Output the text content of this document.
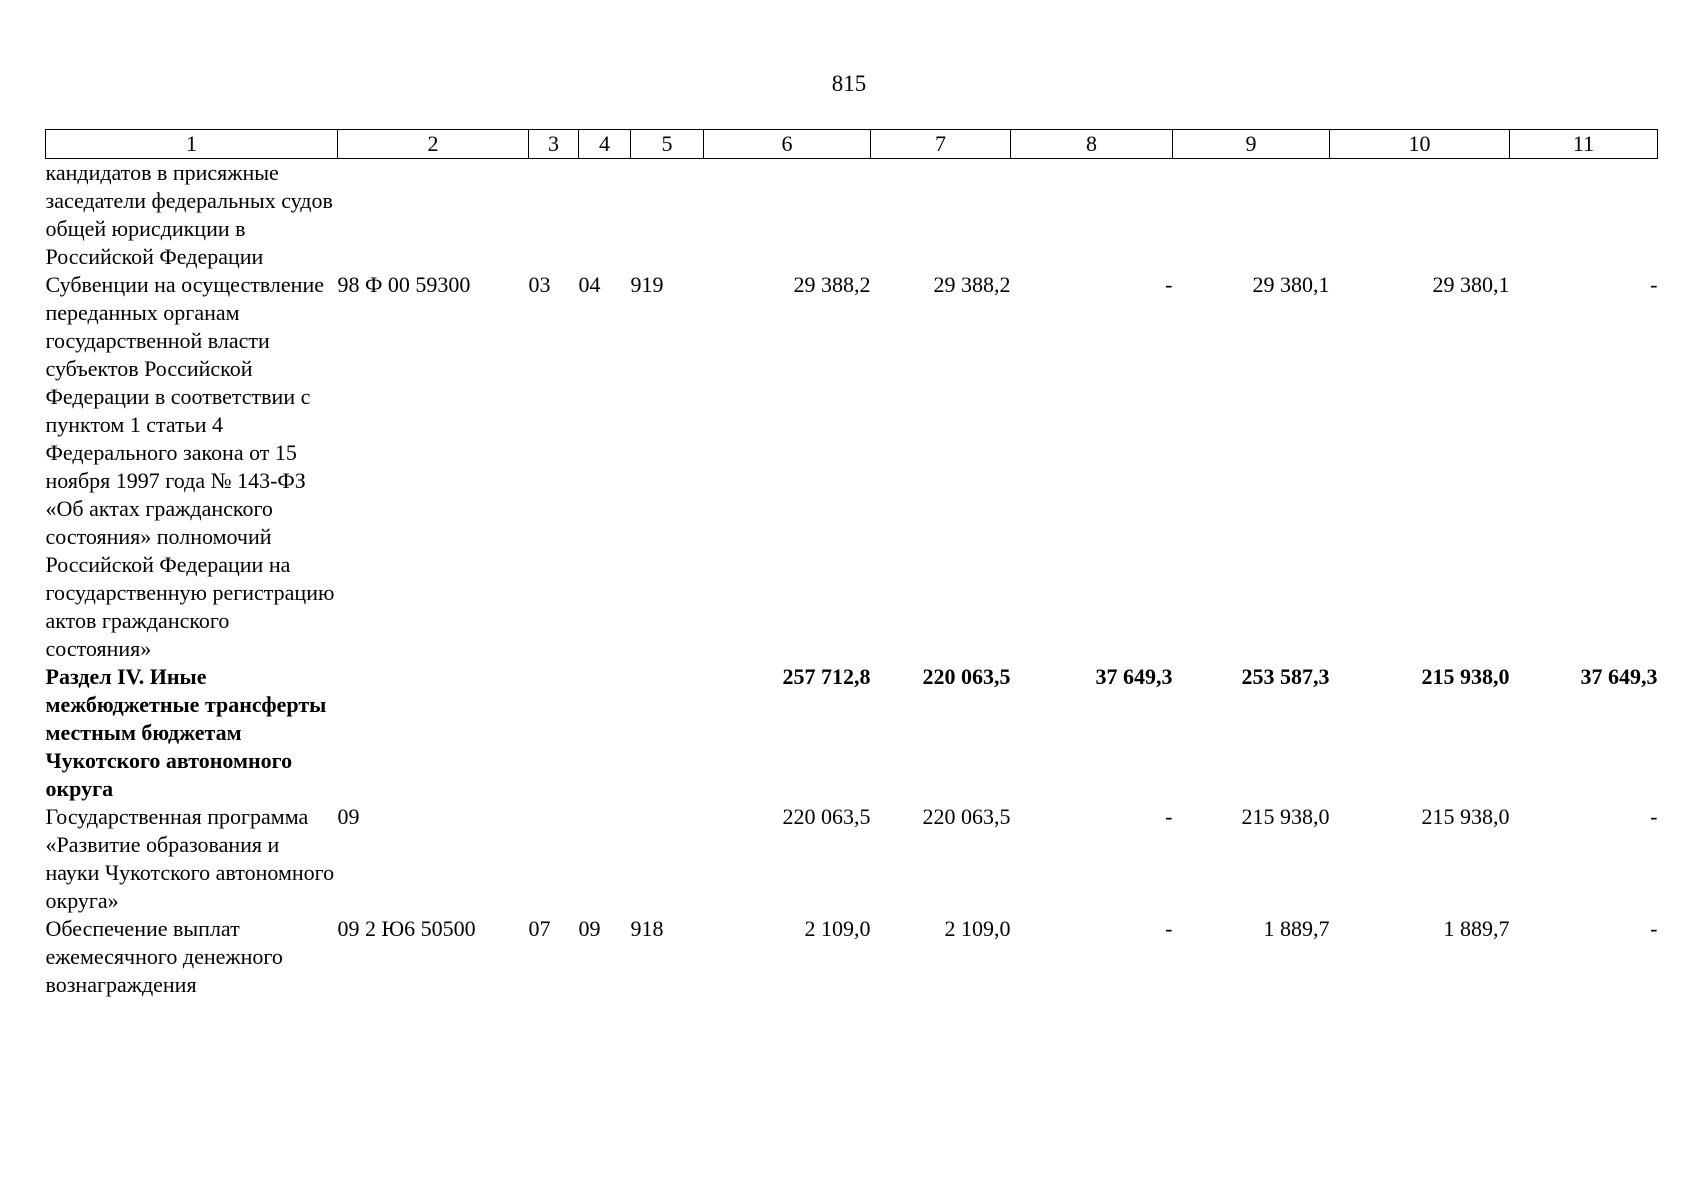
815
1	2	3	4	5	6	7	8	9	10	11
кандидатов в присяжные заседатели федеральных судов общей юрисдикции в Российской Федерации										
Субвенции на осуществление переданных органам государственной власти субъектов Российской Федерации в соответствии с пунктом 1 статьи 4 Федерального закона от 15 ноября 1997 года № 143-ФЗ «Об актах гражданского состояния» полномочий Российской Федерации на государственную регистрацию актов гражданского состояния»	98 Ф 00 59300	03	04	919	29 388,2	29 388,2	-	29 380,1	29 380,1	-
Раздел IV. Иные межбюджетные трансферты местным бюджетам Чукотского автономного округа					257 712,8	220 063,5	37 649,3	253 587,3	215 938,0	37 649,3
Государственная программа «Развитие образования и науки Чукотского автономного округа»	09				220 063,5	220 063,5	-	215 938,0	215 938,0	-
Обеспечение выплат ежемесячного денежного вознаграждения	09 2 Ю6 50500	07	09	918	2 109,0	2 109,0	-	1 889,7	1 889,7	-
